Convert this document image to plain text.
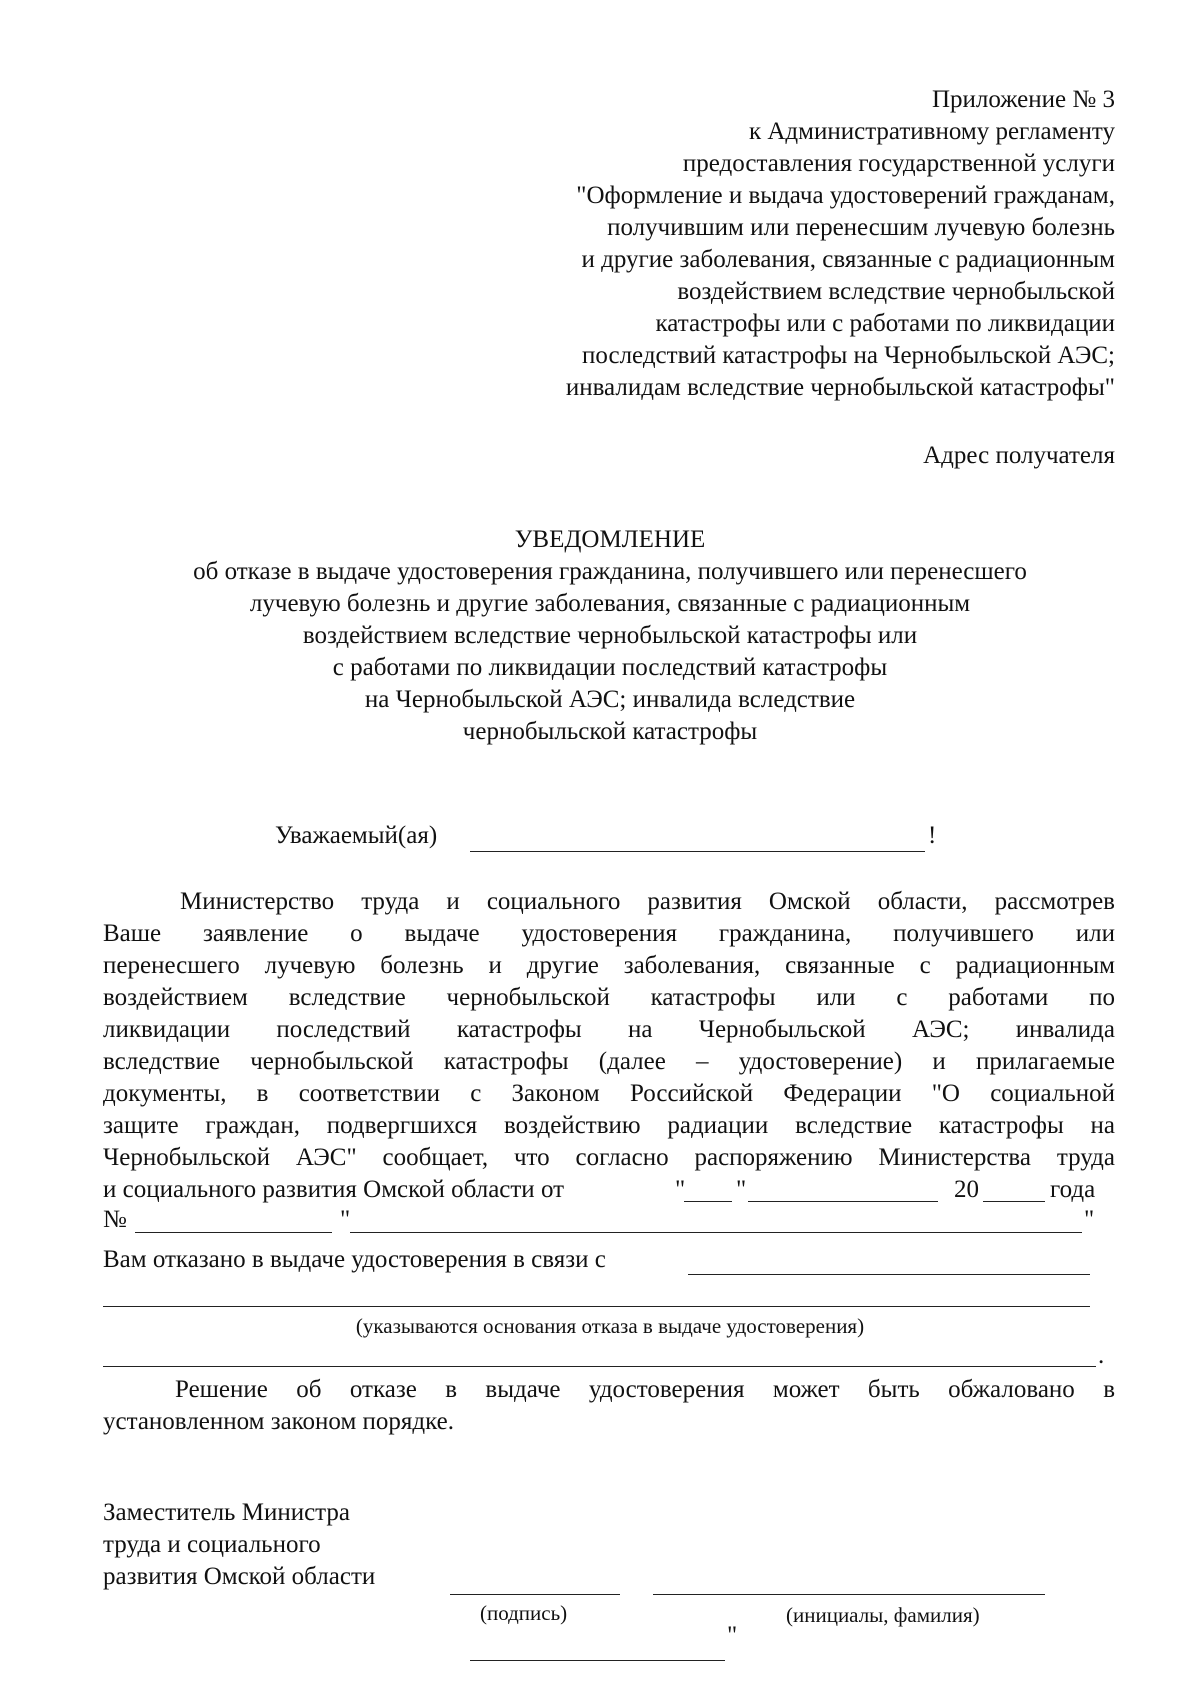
Приложение № 3
к Административному регламенту
предоставления государственной услуги
"Оформление и выдача удостоверений гражданам,
получившим или перенесшим лучевую болезнь
и другие заболевания, связанные с радиационным
воздействием вследствие чернобыльской
катастрофы или с работами по ликвидации
последствий катастрофы на Чернобыльской АЭС;
инвалидам вследствие чернобыльской катастрофы"
Адрес получателя
УВЕДОМЛЕНИЕ
об отказе в выдаче удостоверения гражданина, получившего или перенесшего
лучевую болезнь и другие заболевания, связанные с радиационным
воздействием вследствие чернобыльской катастрофы или
с работами по ликвидации последствий катастрофы
на Чернобыльской АЭС; инвалида вследствие
чернобыльской катастрофы
Уважаемый(ая)	!
Министерство труда и социального развития Омской области, рассмотрев
Ваше заявление о выдаче удостоверения гражданина, получившего или
перенесшего лучевую болезнь и другие заболевания, связанные с радиационным
воздействием вследствие чернобыльской катастрофы или с работами по
ликвидации последствий катастрофы на Чернобыльской АЭС; инвалида
вследствие чернобыльской катастрофы (далее – удостоверение) и прилагаемые
документы, в соответствии с Законом Российской Федерации "О социальной
защите граждан, подвергшихся воздействию радиации вследствие катастрофы на
Чернобыльской АЭС" сообщает, что согласно распоряжению Министерства труда
и социального развития Омской области от	" "	20	года
№	"	"
Вам отказано в выдаче удостоверения в связи с
(указываются основания отказа в выдаче удостоверения)
.
Решение об отказе в выдаче удостоверения может быть обжаловано в
установленном законом порядке.
Заместитель Министра
труда и социального
развития Омской области
(подпись)	(инициалы, фамилия)
"
